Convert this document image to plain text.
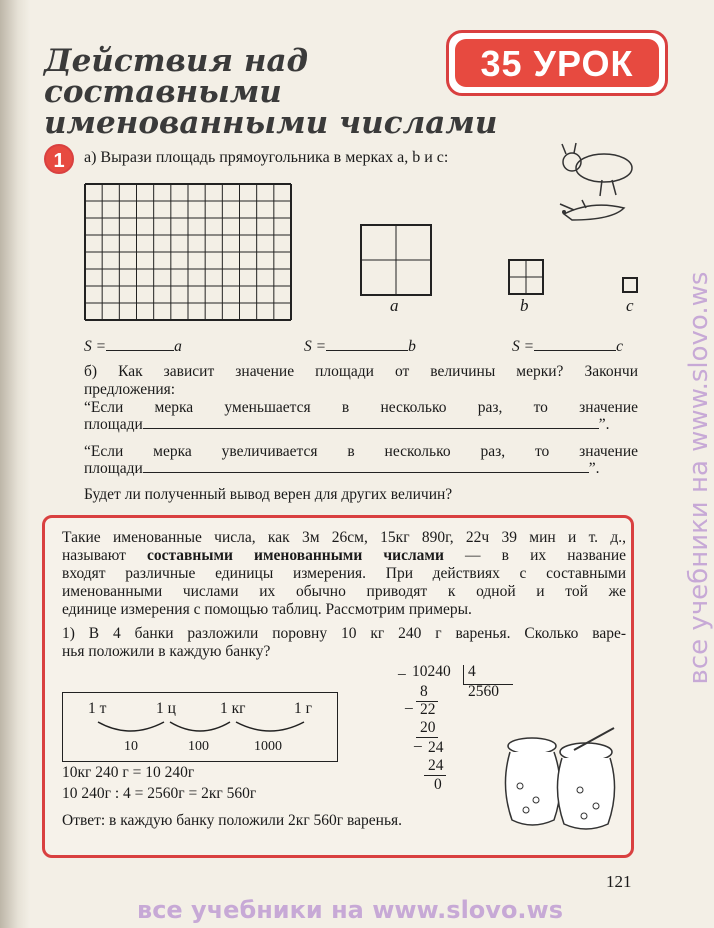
Действия над
составными
именованными числами
35 УРОК
1	а) Вырази площадь прямоугольника в мерках a, b и c:
a	b	c
S =	a	S =	b	S =	c
б) Как зависит значение площади от величины мерки? Закончи
предложения:
“Если мерка уменьшается в несколько раз, то значение
площади	”.
“Если мерка увеличивается в несколько раз, то значение
площади	”.
Будет ли полученный вывод верен для других величин?
Такие именованные числа, как 3м 26см, 15кг 890г, 22ч 39 мин и т. д.,
называют составными именованными числами — в их название
входят различные единицы измерения. При действиях с составными
именованными числами их обычно приводят к одной и той же
единице измерения с помощью таблиц. Рассмотрим примеры.
1) В 4 банки разложили поровну 10 кг 240 г варенья. Сколько варе-
нья положили в каждую банку?
1 т	1 ц	1 кг	1 г
10	100	1000
10кг 240 г = 10 240г
10 240г : 4 = 2560г = 2кг 560г
Ответ: в каждую банку положили 2кг 560г варенья.
_ 10240 4
2560
8
_ 22
20
_ 24
24
0
121
все учебники на www.slovo.ws
все учебники на www.slovo.ws
